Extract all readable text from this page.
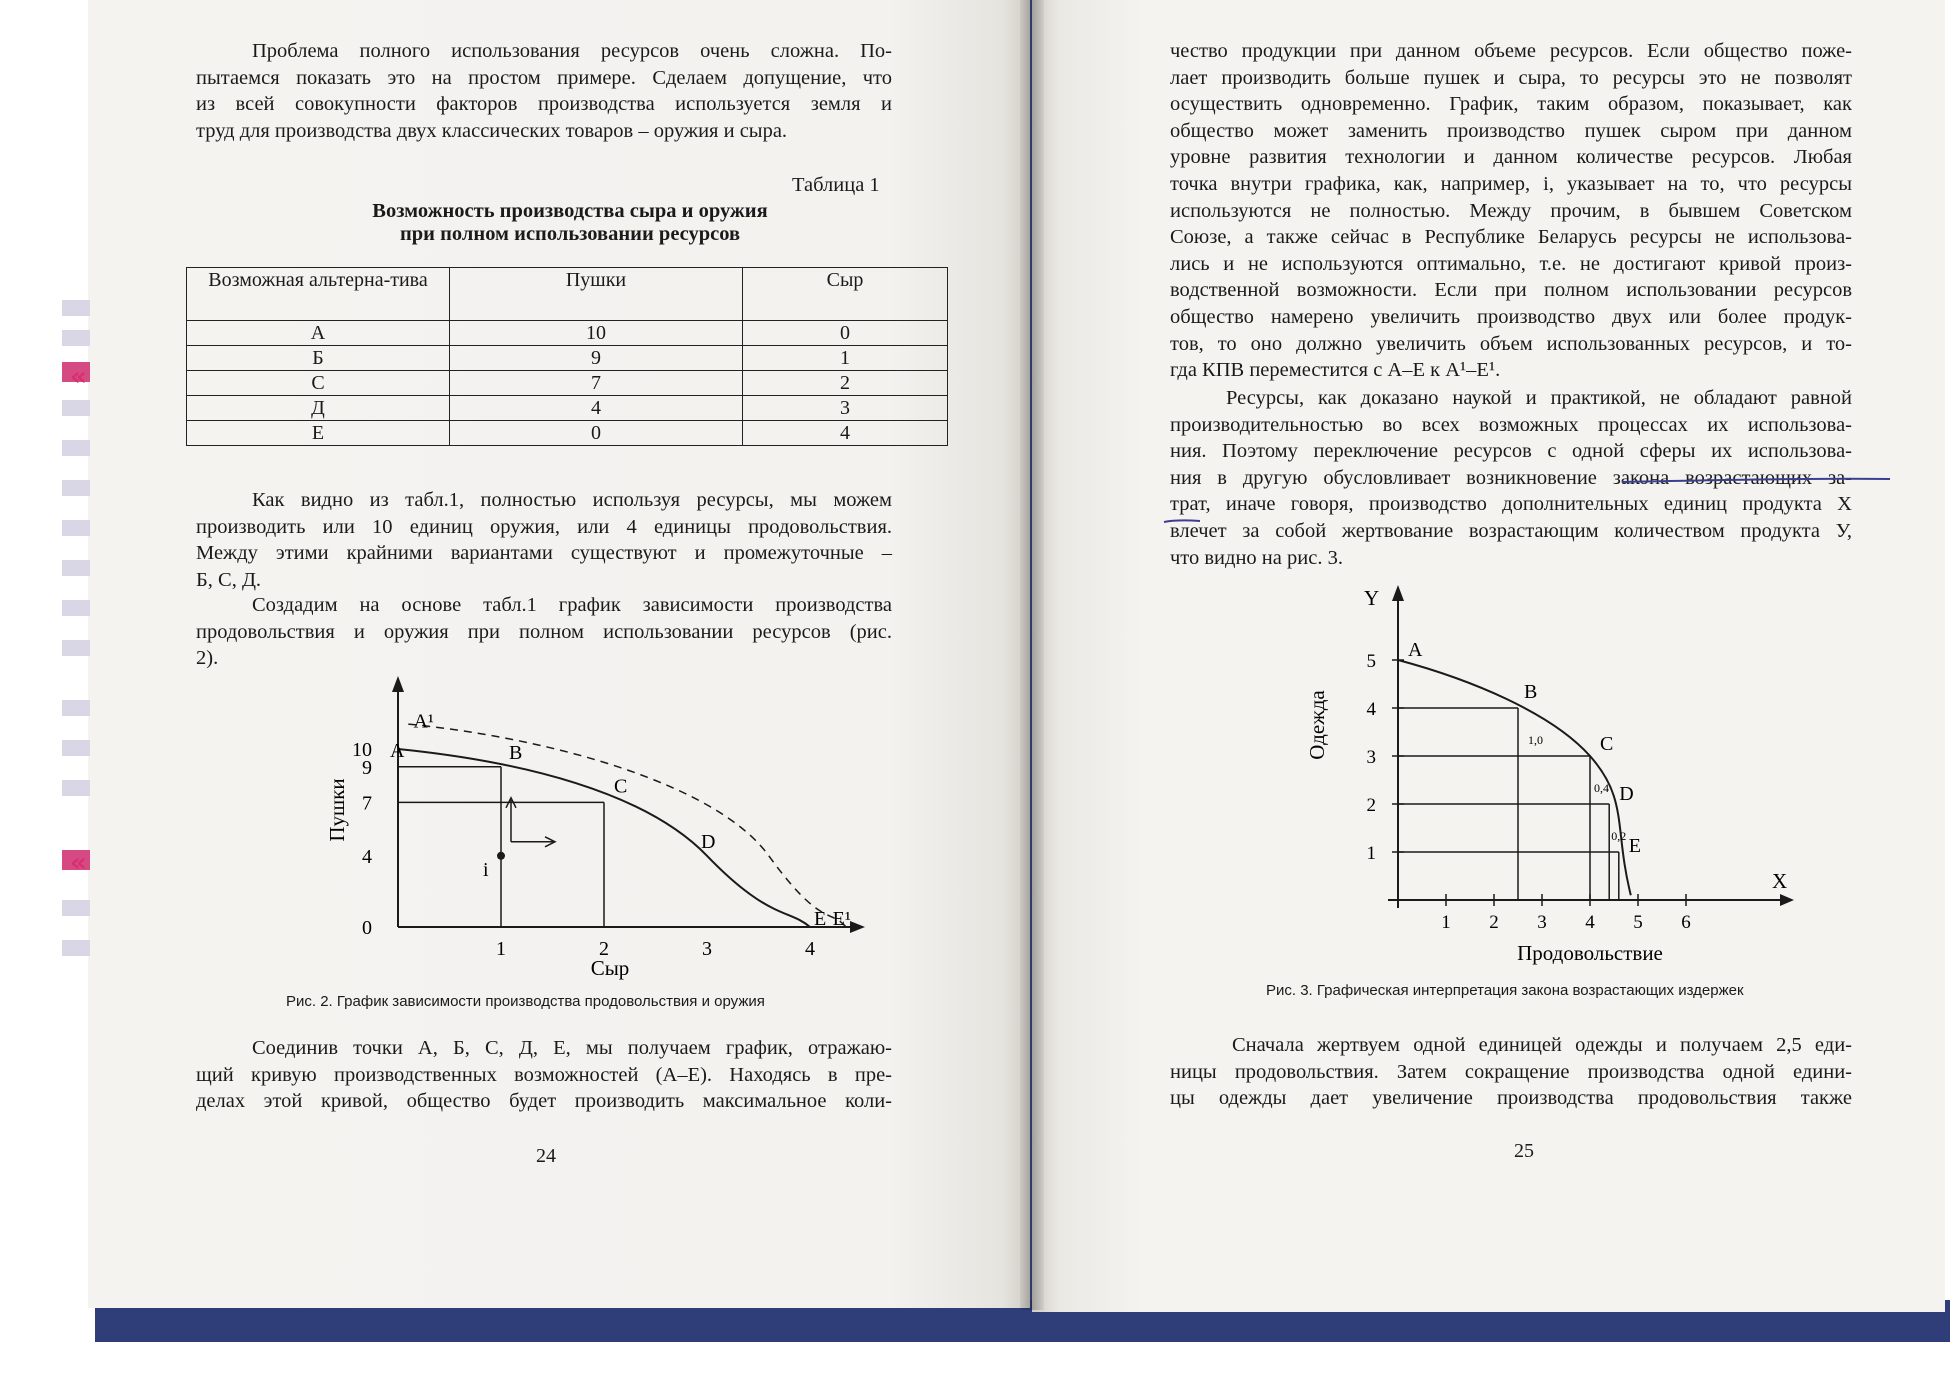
«
«

Проблема полного использования ресурсов очень сложна. По-
пытаемся показать это на простом примере. Сделаем допущение, что
из всей совокупности факторов производства используется земля и
труд для производства двух классических товаров – оружия и сыра.

Таблица 1
Возможность производства сыра и оружия
при полном использовании ресурсов
Возможная альтерна-тива	Пушки	Сыр
А	10	0
Б	9	1
С	7	2
Д	4	3
Е	0	4

Как видно из табл.1, полностью используя ресурсы, мы можем
производить или 10 единиц оружия, или 4 единицы продовольствия.
Между этими крайними вариантами существуют и промежуточные –
Б, С, Д.

Создадим на основе табл.1 график зависимости производства
продовольствия и оружия при полном использовании ресурсов (рис.
2).

А	B
C
D
E
А¹
Е¹
i
0
4
7
9
10
1	2	3	4
Сыр
Пушки
Рис. 2. График зависимости производства продовольствия и оружия

Соединив точки А, Б, С, Д, Е, мы получаем график, отражаю-
щий кривую производственных возможностей (А–Е). Находясь в пре-
делах этой кривой, общество будет производить максимальное коли-

24

чество продукции при данном объеме ресурсов. Если общество поже-
лает производить больше пушек и сыра, то ресурсы это не позволят
осуществить одновременно. График, таким образом, показывает, как
общество может заменить производство пушек сыром при данном
уровне развития технологии и данном количестве ресурсов. Любая
точка внутри графика, как, например, i, указывает на то, что ресурсы
используются не полностью. Между прочим, в бывшем Советском
Союзе, а также сейчас в Республике Беларусь ресурсы не использова-
лись и не используются оптимально, т.е. не достигают кривой произ-
водственной возможности. Если при полном использовании ресурсов
общество намерено увеличить производство двух или более продук-
тов, то оно должно увеличить объем использованных ресурсов, и то-
гда КПВ переместится с А–Е к А¹–Е¹.

Ресурсы, как доказано наукой и практикой, не обладают равной
производительностью во всех возможных процессах их использова-
ния. Поэтому переключение ресурсов с одной сферы их использова-
ния в другую обусловливает возникновение закона возрастающих за-
трат, иначе говоря, производство дополнительных единиц продукта Х
влечет за собой жертвование возрастающим количеством продукта У,
что видно на рис. 3.

1 2 3 4 5 6
1
2
3
4
5
А
B
C
D
E
1,0
0,4
0,2
Y
X
Продовольствие
Одежда
Рис. 3. Графическая интерпретация закона возрастающих издержек

Сначала жертвуем одной единицей одежды и получаем 2,5 еди-
ницы продовольствия. Затем сокращение производства одной едини-
цы одежды дает увеличение производства продовольствия также

25
